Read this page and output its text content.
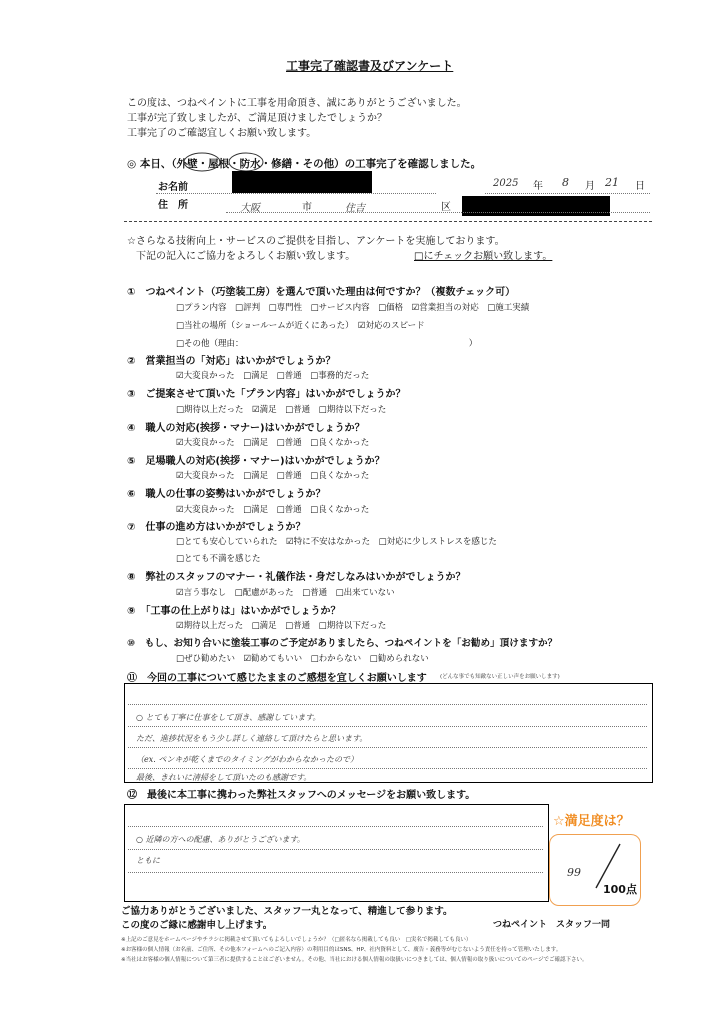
工事完了確認書及びアンケート
この度は、つねペイントに工事を用命頂き、誠にありがとうございました。
工事が完了致しましたが、ご満足頂けましたでしょうか？
工事完了のご確認宜しくお願い致します。
◎ 本日、（外壁・屋根・防水・修繕・その他）の工事完了を確認しました。
お名前	2025 年 8 月 21 日
住　所	大阪	市	住吉	区
☆さらなる技術向上・サービスのご提供を目指し、アンケートを実施しております。
下記の記入にご協力をよろしくお願い致します。	□にチェックお願い致します。
①　つねペイント（巧塗装工房）を選んで頂いた理由は何ですか？（複数チェック可）
□プラン内容　□評判　□専門性　□サービス内容　□価格　☑営業担当の対応　□施工実績
□当社の場所（ショールームが近くにあった）　☑対応のスピード
□その他（理由：　　　　　　　　　　　　　　　　　　　　　　　　　　　）
②　営業担当の「対応」はいかがでしょうか？
☑大変良かった　□満足　□普通　□事務的だった
③　ご提案させて頂いた「プラン内容」はいかがでしょうか？
□期待以上だった　☑満足　□普通　□期待以下だった
④　職人の対応(挨拶・マナー)はいかがでしょうか？
☑大変良かった　□満足　□普通　□良くなかった
⑤　足場職人の対応(挨拶・マナー)はいかがでしょうか？
☑大変良かった　□満足　□普通　□良くなかった
⑥　職人の仕事の姿勢はいかがでしょうか？
☑大変良かった　□満足　□普通　□良くなかった
⑦　仕事の進め方はいかがでしょうか？
□とても安心していられた　☑特に不安はなかった　□対応に少しストレスを感じた
□とても不満を感じた
⑧　弊社のスタッフのマナー・礼儀作法・身だしなみはいかがでしょうか？
☑言う事なし　□配慮があった　□普通　□出来ていない
⑨　「工事の仕上がりは」はいかがでしょうか？
☑期待以上だった　□満足　□普通　□期待以下だった
⑩　もし、お知り合いに塗装工事のご予定がありましたら、つねペイントを「お勧め」頂けますか？
□ぜひ勧めたい　☑勧めてもいい　□わからない　□勧められない
⑪　今回の工事について感じたままのご感想を宜しくお願いします (どんな事でも知敵ない正しい声をお願いします)
○ とても丁寧に仕事をして頂き、感謝しています。
ただ、進捗状況をもう少し詳しく連絡して頂けたらと思います。
（ex. ペンキが乾くまでのタイミングがわからなかったので）
最後、きれいに清掃をして頂いたのも感謝です。
⑫　最後に本工事に携わった弊社スタッフへのメッセージをお願い致します。
○ 近隣の方への配慮、ありがとうございます。
ともに
☆満足度は？
99
100点
ご協力ありがとうございました、スタッフ一丸となって、精進して参ります。
この度のご縁に感謝申し上げます。	つねペイント　スタッフ一同
※上記のご意見をホームページやチラシに掲載させて頂いてもよろしいでしょうか？（□匿名なら掲載しても良い　□実名で掲載しても良い）
※お客様の個人情報（お名前、ご住所、その他本フォームへのご記入内容）の利用目的はSNS、HP、社内資料として、廣告・義務等がむじないよう責任を持って管理いたします。
※当社はお客様の個人情報について第三者に提供することはございません。その他、当社における個人情報の取扱いにつきましては、個人情報の取り扱いについてのページでご確認下さい。
